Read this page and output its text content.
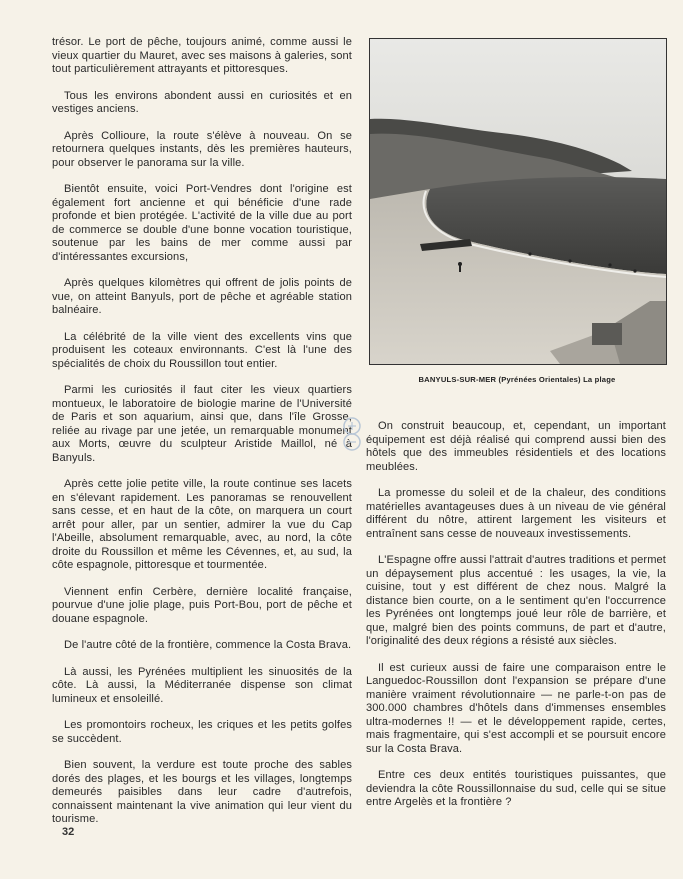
trésor. Le port de pêche, toujours animé, comme aussi le vieux quartier du Mauret, avec ses maisons à galeries, sont tout particulièrement attrayants et pittoresques.

Tous les environs abondent aussi en curiosités et en vestiges anciens.

Après Collioure, la route s'élève à nouveau. On se retournera quelques instants, dès les premières hauteurs, pour observer le panorama sur la ville.

Bientôt ensuite, voici Port-Vendres dont l'origine est également fort ancienne et qui bénéficie d'une rade profonde et bien protégée. L'activité de la ville due au port de commerce se double d'une bonne vocation touristique, soutenue par les bains de mer comme aussi par d'intéressantes excursions,

Après quelques kilomètres qui offrent de jolis points de vue, on atteint Banyuls, port de pêche et agréable station balnéaire.

La célébrité de la ville vient des excellents vins que produisent les coteaux environnants. C'est là l'une des spécialités de choix du Roussillon tout entier.

Parmi les curiosités il faut citer les vieux quartiers montueux, le laboratoire de biologie marine de l'Université de Paris et son aquarium, ainsi que, dans l'île Grosse, reliée au rivage par une jetée, un remarquable monument aux Morts, œuvre du sculpteur Aristide Maillol, né à Banyuls.

Après cette jolie petite ville, la route continue ses lacets en s'élevant rapidement. Les panoramas se renouvellent sans cesse, et en haut de la côte, on marquera un court arrêt pour aller, par un sentier, admirer la vue du Cap l'Abeille, absolument remarquable, avec, au nord, la côte droite du Roussillon et même les Cévennes, et, au sud, la côte espagnole, pittoresque et tourmentée.

Viennent enfin Cerbère, dernière localité française, pourvue d'une jolie plage, puis Port-Bou, port de pêche et douane espagnole.

De l'autre côté de la frontière, commence la Costa Brava.

Là aussi, les Pyrénées multiplient les sinuosités de la côte. Là aussi, la Méditerranée dispense son climat lumineux et ensoleillé.

Les promontoirs rocheux, les criques et les petits golfes se succèdent.

Bien souvent, la verdure est toute proche des sables dorés des plages, et les bourgs et les villages, longtemps demeurés paisibles dans leur cadre d'autrefois, connaissent maintenant la vive animation qui leur vient du tourisme.

BANYULS-SUR-MER (Pyrénées Orientales) La plage

On construit beaucoup, et, cependant, un important équipement est déjà réalisé qui comprend aussi bien des hôtels que des immeubles résidentiels et des locations meublées.

La promesse du soleil et de la chaleur, des conditions matérielles avantageuses dues à un niveau de vie général différent du nôtre, attirent largement les visiteurs et entraînent sans cesse de nouveaux investissements.

L'Espagne offre aussi l'attrait d'autres traditions et permet un dépaysement plus accentué : les usages, la vie, la cuisine, tout y est différent de chez nous. Malgré la distance bien courte, on a le sentiment qu'en l'occurrence les Pyrénées ont longtemps joué leur rôle de barrière, et que, malgré bien des points communs, de part et d'autre, l'originalité des deux régions a résisté aux siècles.

Il est curieux aussi de faire une comparaison entre le Languedoc-Roussillon dont l'expansion se prépare d'une manière vraiment révolutionnaire — ne parle-t-on pas de 300.000 chambres d'hôtels dans d'immenses ensembles ultra-modernes !! — et le développement rapide, certes, mais fragmentaire, qui s'est accompli et se poursuit encore sur la Costa Brava.

Entre ces deux entités touristiques puissantes, que deviendra la côte Roussillonnaise du sud, celle qui se situe entre Argelès et la frontière ?

32
